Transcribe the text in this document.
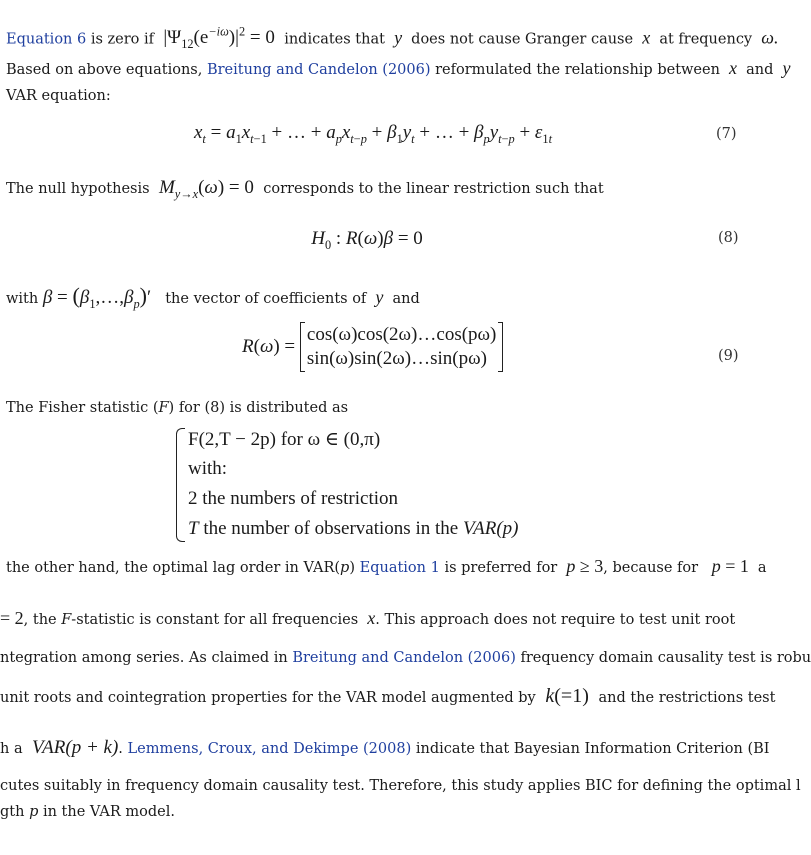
Equation 6 is zero if  $|\Psi_{12}(e^{-i\omega})|^2 = 0$  indicates that  y  does not cause Granger cause  x  at frequency  ω.
Based on above equations, Breitung and Candelon (2006) reformulated the relationship between  x  and  y
VAR equation:
$x_t = a_1x_{t-1}$ + … + $a_px_{t-p} + \beta_1y_t$ + … + $\beta_py_{t-p} + \varepsilon_{1t}$	(7)
The null hypothesis $M_{y\to x}(\omega) = 0$  corresponds to the linear restriction such that
$H_0$ : R(ω)β = 0	(8)
with $\beta = (\beta_1,\dots,\beta_p)'$   the vector of coefficients of  y  and
R(ω) =
cos(ω)cos(2ω)…cos(pω)
sin(ω)sin(2ω)…sin(pω)	(9)
The Fisher statistic (F) for (8) is distributed as
F(2,T − 2p) for ω ∈ (0,π)
with:
2 the numbers of restriction
T the number of observations in the VAR(p)
the other hand, the optimal lag order in VAR(p) Equation 1 is preferred for p ≥ 3, because for p = 1  a
= 2, the F-statistic is constant for all frequencies  x. This approach does not require to test unit root
ntegration among series. As claimed in Breitung and Candelon (2006) frequency domain causality test is robu
unit roots and cointegration properties for the VAR model augmented by k(=1)  and the restrictions test
h a  VAR(p + k). Lemmens, Croux, and Dekimpe (2008) indicate that Bayesian Information Criterion (BI
cutes suitably in frequency domain causality test. Therefore, this study applies BIC for defining the optimal l
gth p in the VAR model.
